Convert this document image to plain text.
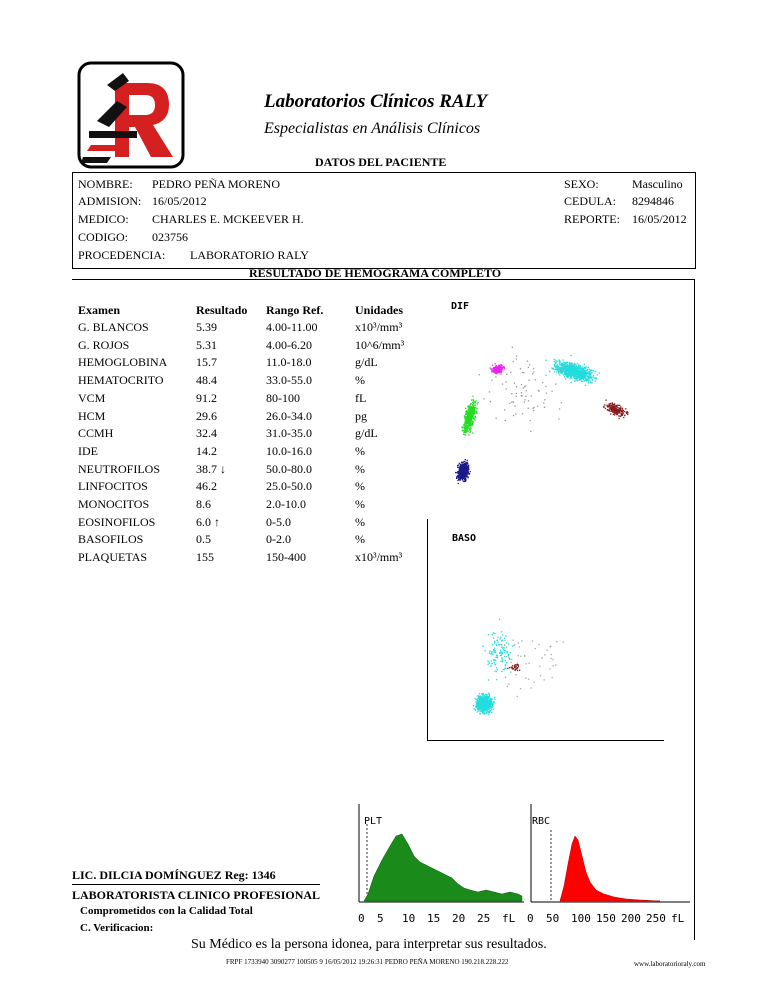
Laboratorios Clínicos RALY
Especialistas en Análisis Clínicos
DATOS DEL PACIENTE
NOMBRE: PEDRO PEÑA MORENO
ADMISION: 16/05/2012
MEDICO: CHARLES E. MCKEEVER H.
CODIGO: 023756
PROCEDENCIA: LABORATORIO RALY
SEXO:	Masculino
CEDULA: 8294846
REPORTE: 16/05/2012
RESULTADO DE HEMOGRAMA COMPLETO
Examen	Resultado Rango Ref.	Unidades
G. BLANCOS	5.39	4.00-11.00	x10³/mm³
G. ROJOS	5.31	4.00-6.20	10^6/mm³
HEMOGLOBINA 15.7	11.0-18.0	g/dL
HEMATOCRITO	48.4	33.0-55.0	%
VCM	91.2	80-100	fL
HCM	29.6	26.0-34.0	pg
CCMH	32.4	31.0-35.0	g/dL
IDE	14.2	10.0-16.0	%
NEUTROFILOS	38.7 ↓	50.0-80.0	%
LINFOCITOS	46.2	25.0-50.0	%
MONOCITOS	8.6	2.0-10.0	%
EOSINOFILOS	6.0 ↑	0-5.0	%
BASOFILOS	0.5	0-2.0	%
PLAQUETAS	155	150-400	x10³/mm³
DIF
BASO
PLT	RBC
0 5 10 15 20 25 fL 0 50 100 150 200 250 fL
LIC. DILCIA DOMÍNGUEZ Reg: 1346
LABORATORISTA CLINICO PROFESIONAL
Comprometidos con la Calidad Total
C. Verificacion:
Su Médico es la persona idonea, para interpretar sus resultados.
FRPF 1733940 3090277 100505 9 16/05/2012 19:26:31 PEDRO PEÑA MORENO 190.218.228.222	www.laboratorioraly.com
